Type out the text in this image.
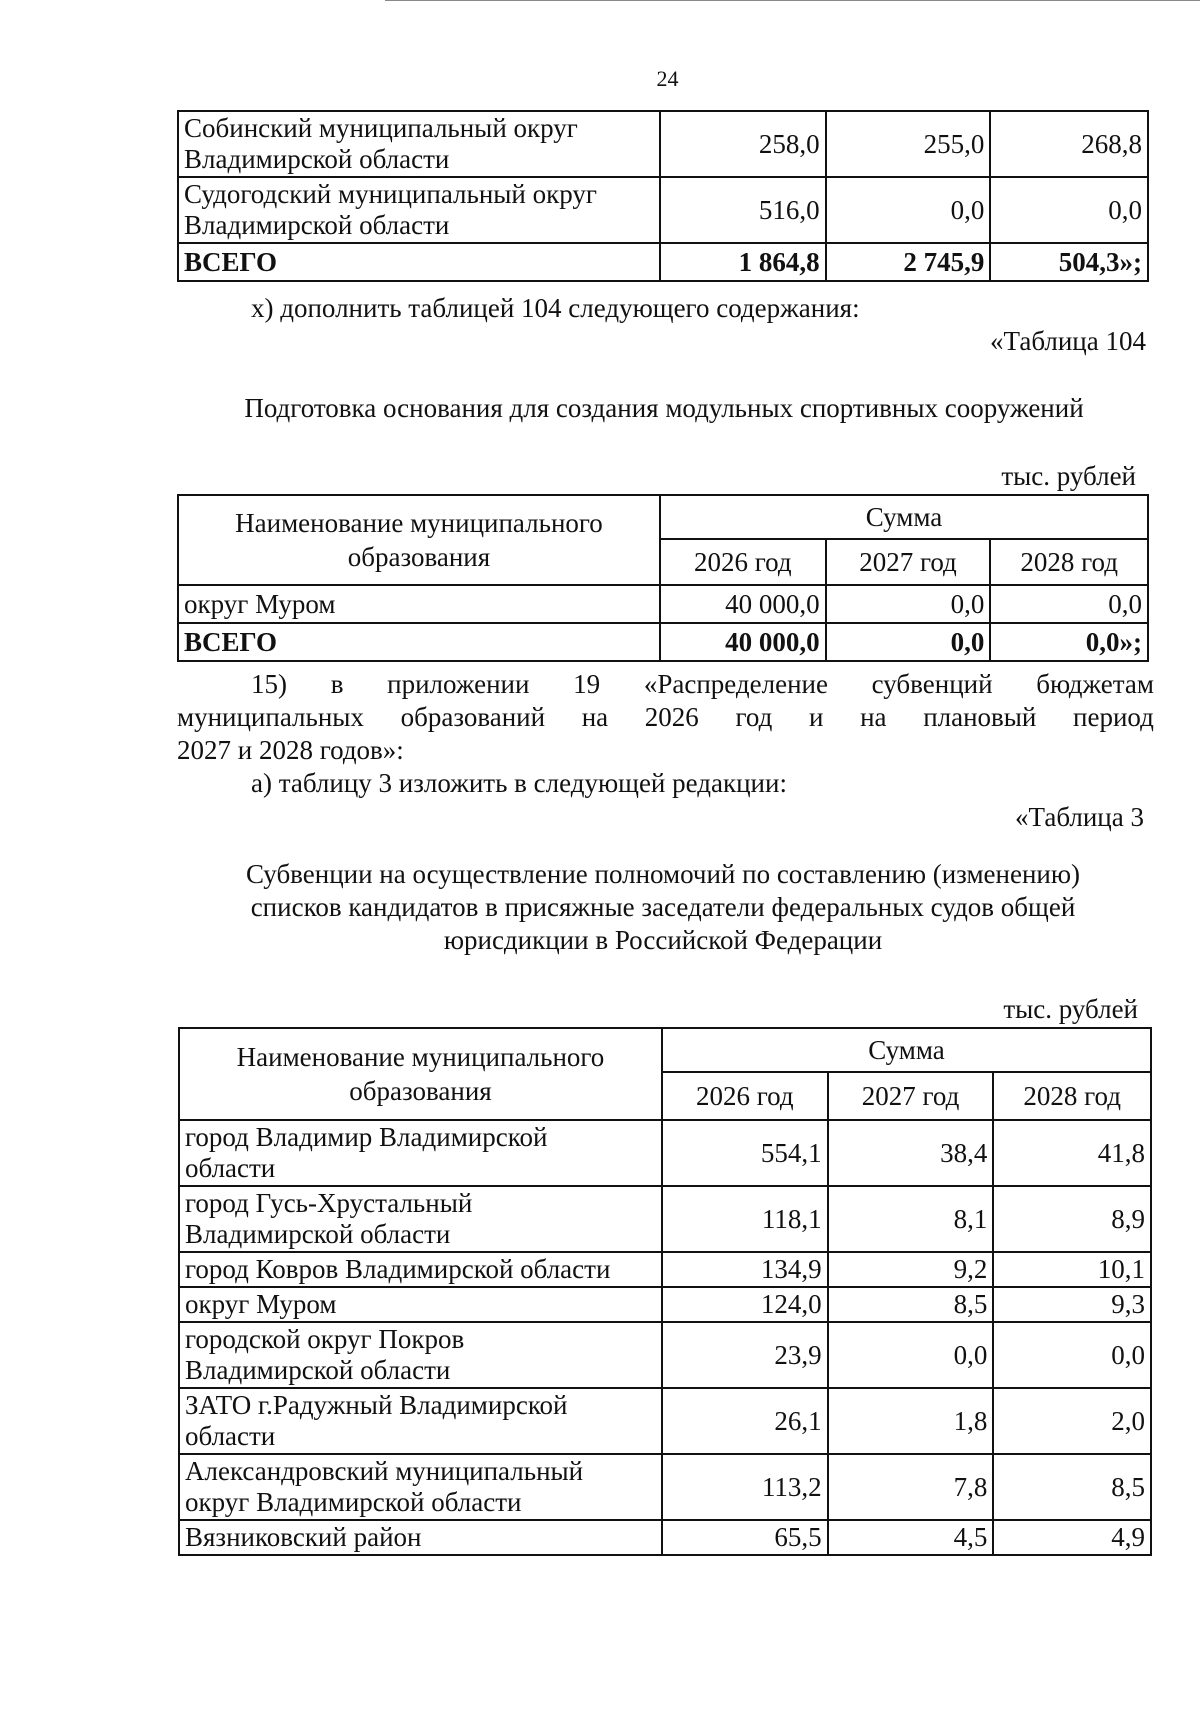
24
Собинский муниципальный округ
Владимирской области	258,0	255,0	268,8
Судогодский муниципальный округ
Владимирской области	516,0	0,0	0,0
ВСЕГО	1 864,8	2 745,9	504,3»;
х) дополнить таблицей 104 следующего содержания:
«Таблица 104
Подготовка основания для создания модульных спортивных сооружений
тыс. рублей
Наименование муниципального
образования	Сумма		
	2026 год	2027 год	2028 год
округ Муром	40 000,0	0,0	0,0
ВСЕГО	40 000,0	0,0	0,0»;
15) в приложении 19 «Распределение субвенций бюджетам
муниципальных образований на 2026 год и на плановый период
2027 и 2028 годов»:
а) таблицу 3 изложить в следующей редакции:
«Таблица 3
Субвенции на осуществление полномочий по составлению (изменению)
списков кандидатов в присяжные заседатели федеральных судов общей
юрисдикции в Российской Федерации
тыс. рублей
Наименование муниципального
образования	Сумма		
	2026 год	2027 год	2028 год
город Владимир Владимирской
области	554,1	38,4	41,8
город Гусь-Хрустальный
Владимирской области	118,1	8,1	8,9
город Ковров Владимирской области	134,9	9,2	10,1
округ Муром	124,0	8,5	9,3
городской округ Покров
Владимирской области	23,9	0,0	0,0
ЗАТО г.Радужный Владимирской
области	26,1	1,8	2,0
Александровский муниципальный
округ Владимирской области	113,2	7,8	8,5
Вязниковский район	65,5	4,5	4,9
